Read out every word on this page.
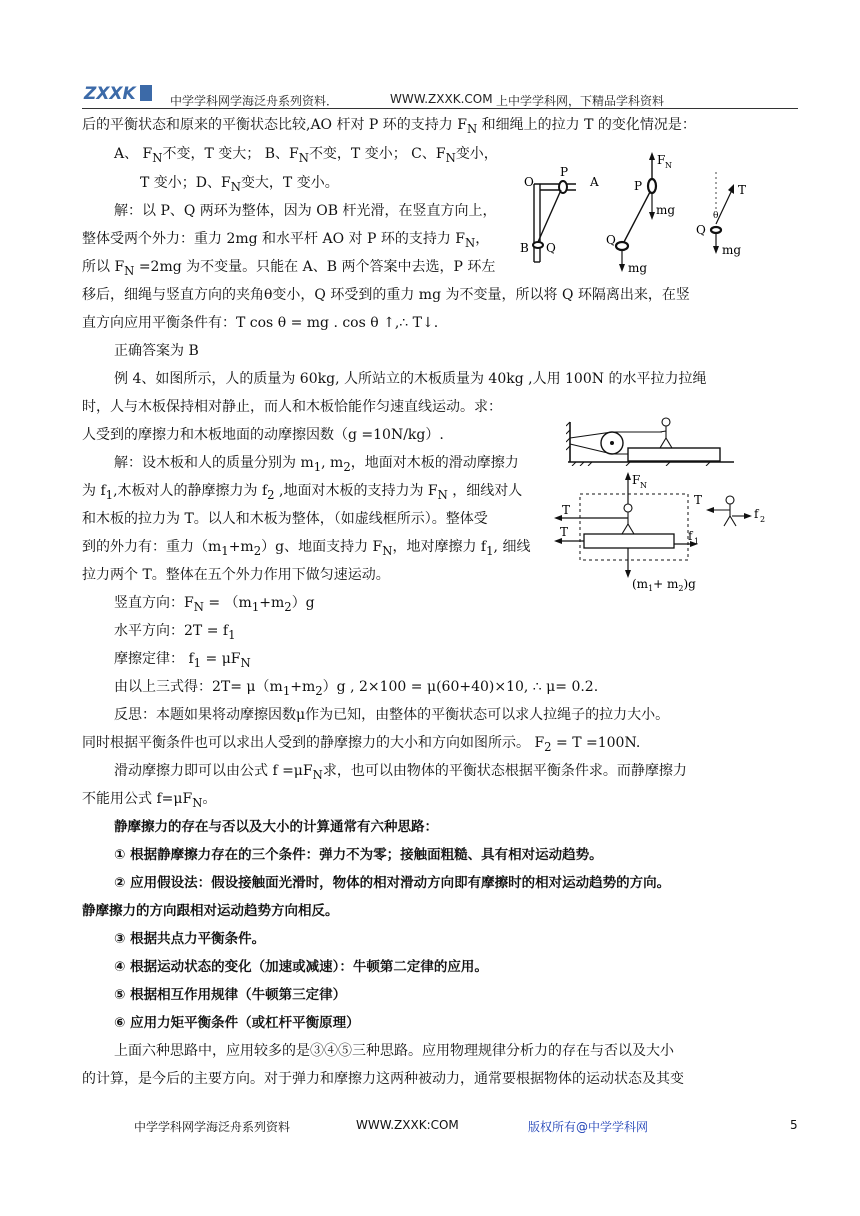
ZXXK	中学学科网学海泛舟系列资料．	WWW.ZXXK.COM 上中学学科网，下精品学科资料
后的平衡状态和原来的平衡状态比较,AO 杆对 P 环的支持力 $F_N$ 和细绳上的拉力 T 的变化情况是：
A、 $F_N$不变，T 变大； B、$F_N$不变，T 变小； C、$F_N$变小，
T 变小；D、$F_N$变大，T 变小。
解：以 P、Q 两环为整体，因为 OB 杆光滑，在竖直方向上，
整体受两个外力：重力 2mg 和水平杆 AO 对 P 环的支持力 $F_N$，
所以 $F_N =2mg$ 为不变量。只能在 A、B 两个答案中去选，P 环左
移后，细绳与竖直方向的夹角θ变小，Q 环受到的重力 mg 为不变量，所以将 Q 环隔离出来，在竖
直方向应用平衡条件有：T cos θ = mg . cos θ ↑,∴ T↓.
正确答案为 B
例 4、如图所示，人的质量为 60kg, 人所站立的木板质量为 40kg ,人用 100N 的水平拉力拉绳
时，人与木板保持相对静止，而人和木板恰能作匀速直线运动。求：
人受到的摩擦力和木板地面的动摩擦因数（g =10N/kg）.
解：设木板和人的质量分别为 $m_1$, $m_2$，地面对木板的滑动摩擦力
为 $f_1$,木板对人的静摩擦力为 $f_2$ ,地面对木板的支持力为 $F_N$ ，细线对人
和木板的拉力为 T。以人和木板为整体，（如虚线框所示）。整体受
到的外力有：重力$(m_1+m_2)g$、地面支持力 $F_N$，地对摩擦力 $f_1$, 细线
拉力两个 T。整体在五个外力作用下做匀速运动。
竖直方向：$F_N = (m_1+m_2)g$
水平方向：$2T = f_1$
摩擦定律： $f_1 = \mu F_N$
由以上三式得：$2T= \mu(m_1+m_2)g$ , 2×100 = μ(60+40)×10, ∴ μ= 0.2.
反思：本题如果将动摩擦因数μ作为已知，由整体的平衡状态可以求人拉绳子的拉力大小。
同时根据平衡条件也可以求出人受到的静摩擦力的大小和方向如图所示。 $F_2 = T =100N$.
滑动摩擦力即可以由公式 $f =\mu F_N$求，也可以由物体的平衡状态根据平衡条件求。而静摩擦力
不能用公式 $f=\mu F_N$。
静摩擦力的存在与否以及大小的计算通常有六种思路：
① 根据静摩擦力存在的三个条件：弹力不为零；接触面粗糙、具有相对运动趋势。
② 应用假设法：假设接触面光滑时，物体的相对滑动方向即有摩擦时的相对运动趋势的方向。
静摩擦力的方向跟相对运动趋势方向相反。
③ 根据共点力平衡条件。
④ 根据运动状态的变化（加速或减速）：牛顿第二定律的应用。
⑤ 根据相互作用规律（牛顿第三定律）
⑥ 应用力矩平衡条件（或杠杆平衡原理）
上面六种思路中，应用较多的是③④⑤三种思路。应用物理规律分析力的存在与否以及大小
的计算，是今后的主要方向。对于弹力和摩擦力这两种被动力，通常要根据物体的运动状态及其变
O
P
A
B Q
F N
P
mg
Q
mg
T
θ
Q
mg
F N
T
T	f 1
$(m_1+ m_2)g$
T
f 2
中学学科网学海泛舟系列资料	WWW.ZXXK:COM	版权所有@中学学科网	5
